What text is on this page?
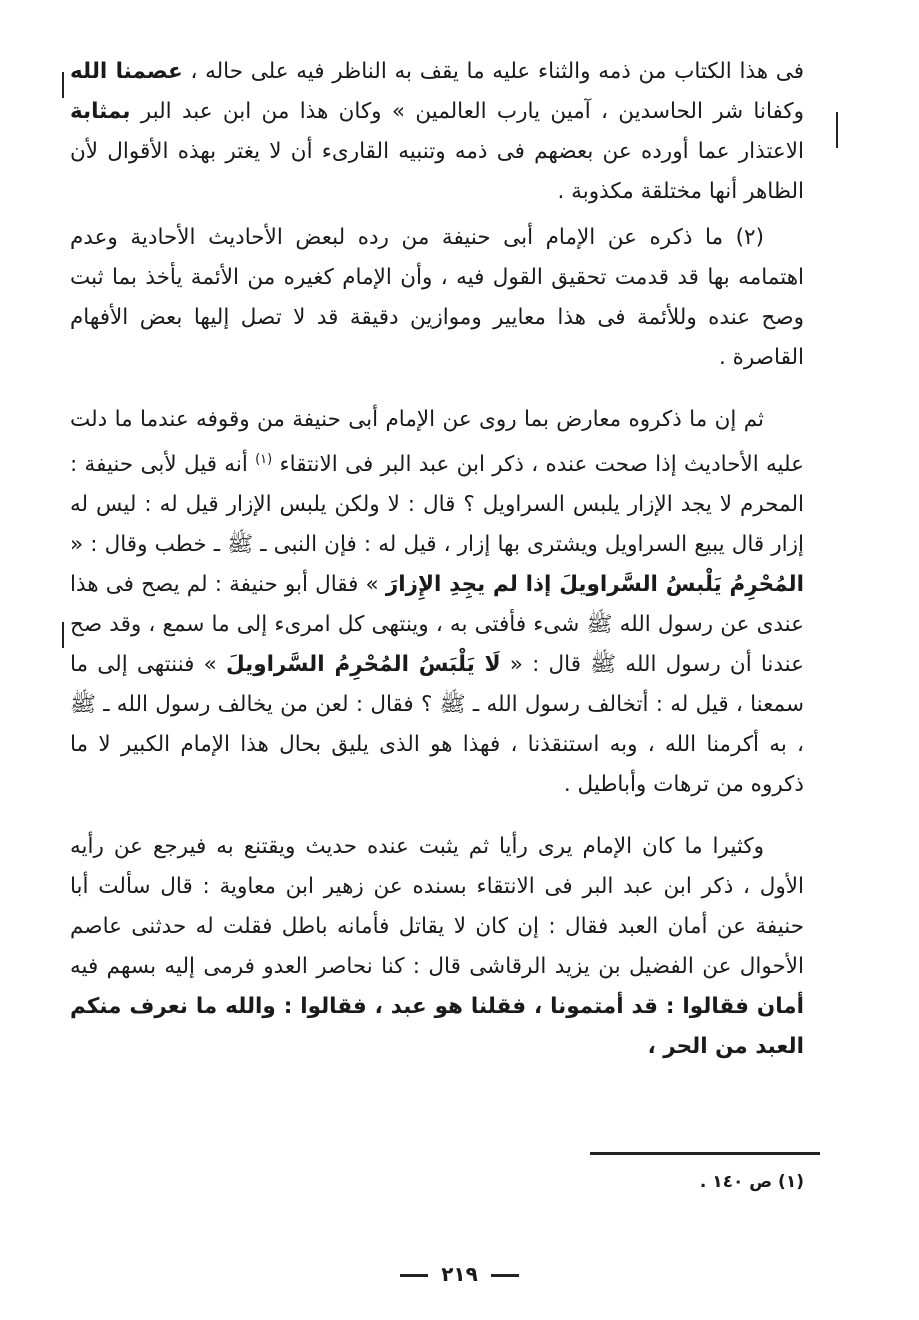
فى هذا الكتاب من ذمه والثناء عليه ما يقف به الناظر فيه على حاله ، عصمنا الله وكفانا شر الحاسدين ، آمين يارب العالمين » وكان هذا من ابن عبد البر بمثابة الاعتذار عما أورده عن بعضهم فى ذمه وتنبيه القارىء أن لا يغتر بهذه الأقوال لأن الظاهر أنها مختلقة مكذوبة .

(٢) ما ذكره عن الإمام أبى حنيفة من رده لبعض الأحاديث الأحادية وعدم اهتمامه بها قد قدمت تحقيق القول فيه ، وأن الإمام كغيره من الأئمة يأخذ بما ثبت وصح عنده وللأئمة فى هذا معايير وموازين دقيقة قد لا تصل إليها بعض الأفهام القاصرة .

ثم إن ما ذكروه معارض بما روى عن الإمام أبى حنيفة من وقوفه عندما ما دلت عليه الأحاديث إذا صحت عنده ، ذكر ابن عبد البر فى الانتقاء $^{(١)}$ أنه قيل لأبى حنيفة : المحرم لا يجد الإزار يلبس السراويل ؟ قال : لا ولكن يلبس الإزار قيل له : ليس له إزار قال يبيع السراويل ويشترى بها إزار ، قيل له : فإن النبى ـ ﷺ ـ خطب وقال : « المُحْرِمُ يَلْبسُ السَّراويلَ إذا لم يجِدِ الإِزارَ » فقال أبو حنيفة : لم يصح فى هذا عندى عن رسول الله ﷺ شىء فأفتى به ، وينتهى كل امرىء إلى ما سمع ، وقد صح عندنا أن رسول الله ﷺ قال : « لَا يَلْبَسُ المُحْرِمُ السَّراويلَ » فننتهى إلى ما سمعنا ، قيل له : أتخالف رسول الله ـ ﷺ ؟ فقال : لعن من يخالف رسول الله ـ ﷺ ، به أكرمنا الله ، وبه استنقذنا ، فهذا هو الذى يليق بحال هذا الإمام الكبير لا ما ذكروه من ترهات وأباطيل .

وكثيرا ما كان الإمام يرى رأيا ثم يثبت عنده حديث ويقتنع به فيرجع عن رأيه الأول ، ذكر ابن عبد البر فى الانتقاء بسنده عن زهير ابن معاوية : قال سألت أبا حنيفة عن أمان العبد فقال : إن كان لا يقاتل فأمانه باطل فقلت له حدثنى عاصم الأحوال عن الفضيل بن يزيد الرقاشى قال : كنا نحاصر العدو فرمى إليه بسهم فيه أمان فقالوا : قد أمتمونا ، فقلنا هو عبد ، فقالوا : والله ما نعرف منكم العبد من الحر ،

(١) ص ١٤٠ .
٢١٩
